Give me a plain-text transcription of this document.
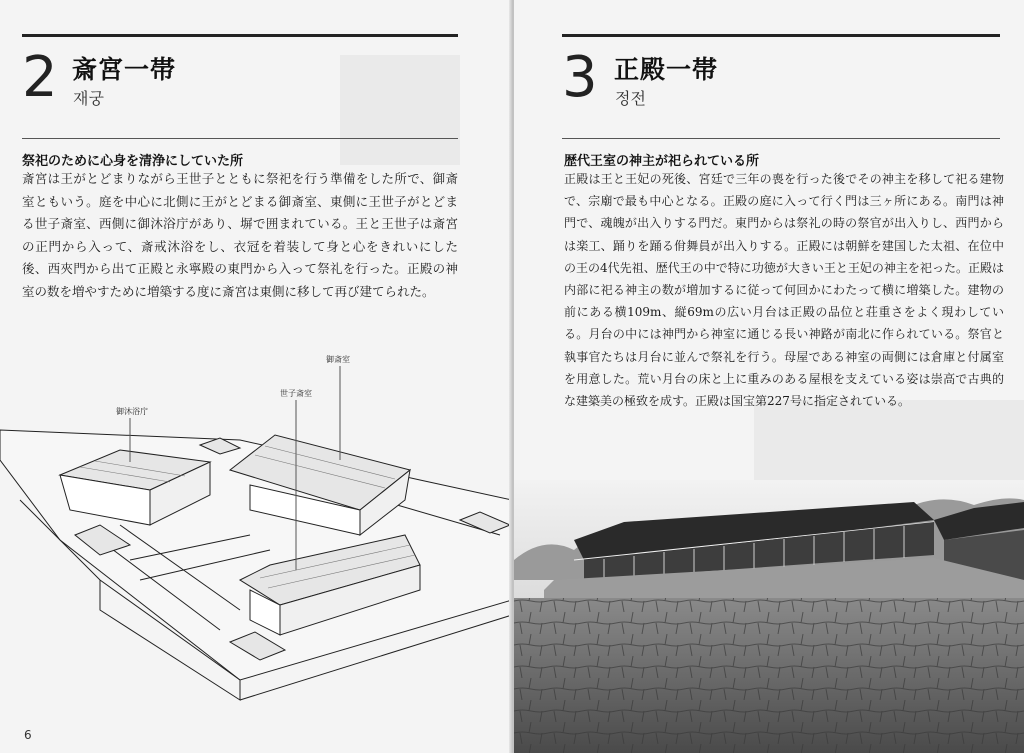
2 斎宮一帯
재궁
祭祀のために心身を清浄にしていた所
斎宮は王がとどまりながら王世子とともに祭祀を行う準備をした所で、御斎室ともいう。庭を中心に北側に王がとどまる御斎室、東側に王世子がとどまる世子斎室、西側に御沐浴庁があり、塀で囲まれている。王と王世子は斎宮の正門から入って、斎戒沐浴をし、衣冠を着装して身と心をきれいにした後、西夾門から出て正殿と永寧殿の東門から入って祭礼を行った。正殿の神室の数を増やすために増築する度に斎宮は東側に移して再び建てられた。
御沐浴庁
世子斎室
御斎室
6
3 正殿一帯
정전
歴代王室の神主が祀られている所
正殿は王と王妃の死後、宮廷で三年の喪を行った後でその神主を移して祀る建物で、宗廟で最も中心となる。正殿の庭に入って行く門は三ヶ所にある。南門は神門で、魂魄が出入りする門だ。東門からは祭礼の時の祭官が出入りし、西門からは楽工、踊りを踊る佾舞員が出入りする。正殿には朝鮮を建国した太祖、在位中の王の4代先祖、歴代王の中で特に功徳が大きい王と王妃の神主を祀った。正殿は内部に祀る神主の数が増加するに従って何回かにわたって横に増築した。建物の前にある横109m、縦69mの広い月台は正殿の品位と荘重さをよく現わしている。月台の中には神門から神室に通じる長い神路が南北に作られている。祭官と執事官たちは月台に並んで祭礼を行う。母屋である神室の両側には倉庫と付属室を用意した。荒い月台の床と上に重みのある屋根を支えている姿は崇高で古典的な建築美の極致を成す。正殿は国宝第227号に指定されている。
